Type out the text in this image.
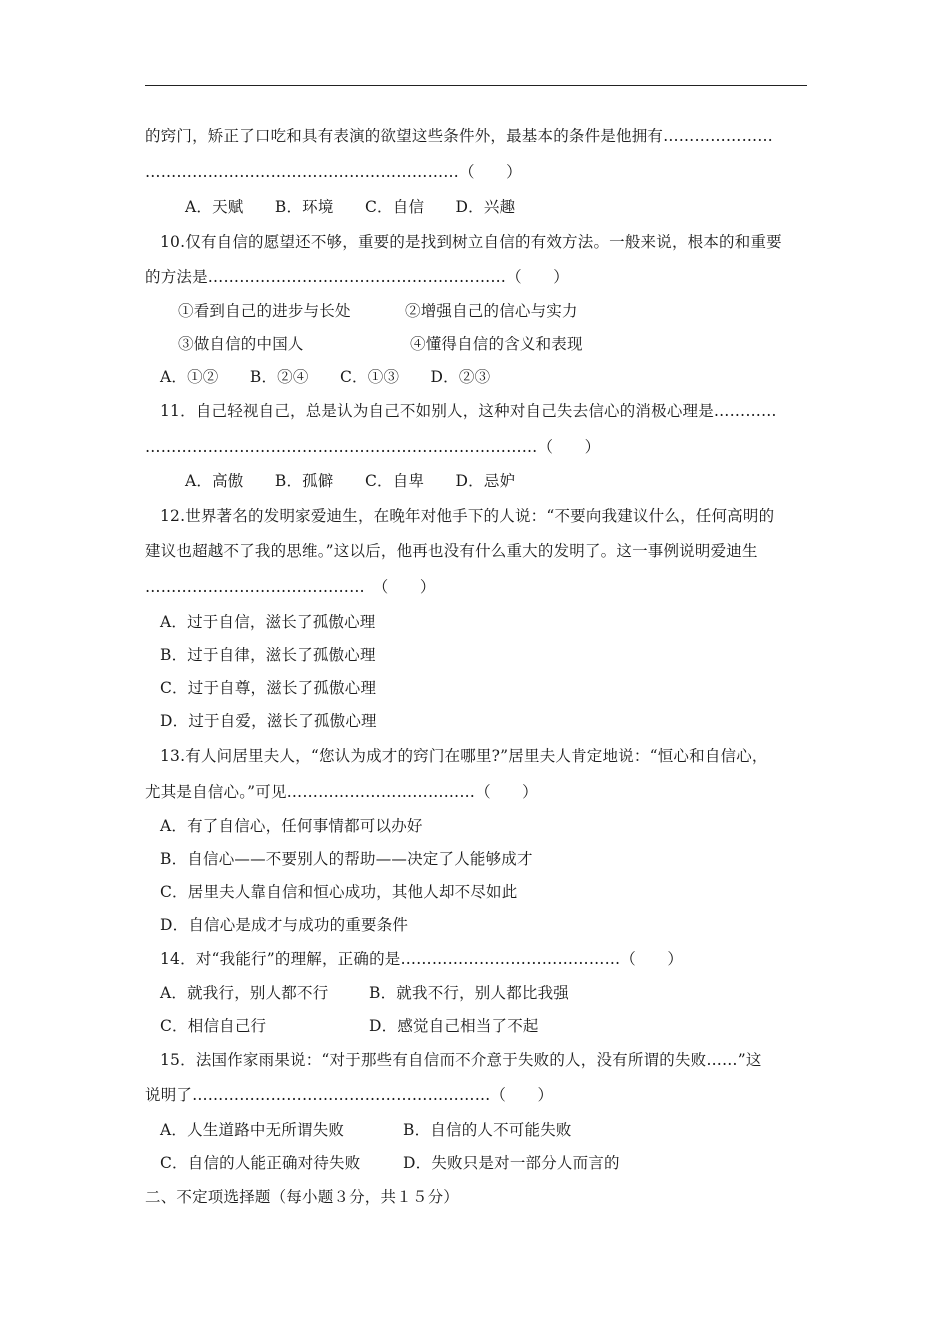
的窍门，矫正了口吃和具有表演的欲望这些条件外，最基本的条件是他拥有…………………
……………………………………………………（　　）
A．天赋　　B．环境　　C．自信　　D．兴趣
10.仅有自信的愿望还不够，重要的是找到树立自信的有效方法。一般来说，根本的和重要
的方法是…………………………………………………（　　）
①看到自己的进步与长处	②增强自己的信心与实力
③做自信的中国人	④懂得自信的含义和表现
A．①②　　B．②④　　C．①③　　D．②③
11．自己轻视自己，总是认为自己不如别人，这种对自己失去信心的消极心理是…………
…………………………………………………………………（　　）
A．高傲　　B．孤僻　　C．自卑　　D．忌妒
12.世界著名的发明家爱迪生，在晚年对他手下的人说：“不要向我建议什么，任何高明的
建议也超越不了我的思维。”这以后，他再也没有什么重大的发明了。这一事例说明爱迪生
……………………………………　（　　）
A．过于自信，滋长了孤傲心理
B．过于自律，滋长了孤傲心理
C．过于自尊，滋长了孤傲心理
D．过于自爱，滋长了孤傲心理
13.有人问居里夫人，“您认为成才的窍门在哪里?”居里夫人肯定地说：“恒心和自信心，
尤其是自信心。”可见………………………………（　　）
A．有了自信心，任何事情都可以办好
B．自信心——不要别人的帮助——决定了人能够成才
C．居里夫人靠自信和恒心成功，其他人却不尽如此
D．自信心是成才与成功的重要条件
14．对“我能行”的理解，正确的是……………………………………（　　）
A．就我行，别人都不行	B．就我不行，别人都比我强
C．相信自己行	D．感觉自己相当了不起
15．法国作家雨果说：“对于那些有自信而不介意于失败的人，没有所谓的失败……”这
说明了…………………………………………………（　　）
A．人生道路中无所谓失败	B．自信的人不可能失败
C．自信的人能正确对待失败	D．失败只是对一部分人而言的
二、不定项选择题（每小题３分，共１５分）
